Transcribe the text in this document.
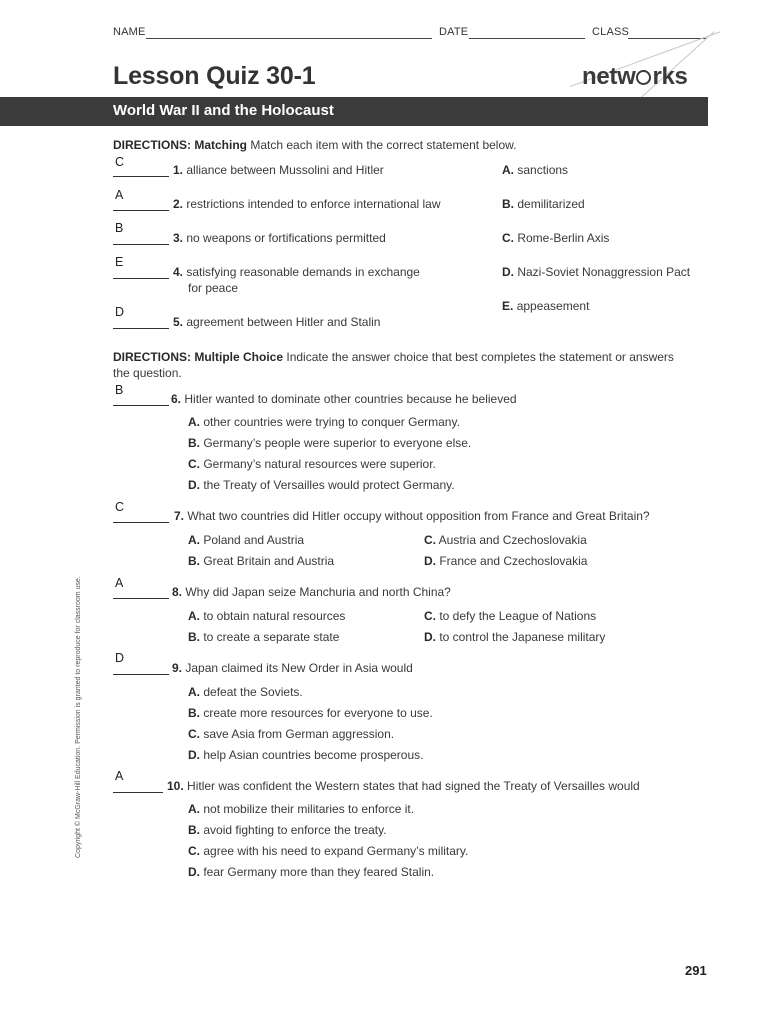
NAME	DATE	CLASS
Lesson Quiz 30-1	netw rks
World War II and the Holocaust
DIRECTIONS: Matching Match each item with the correct statement below.
C
1. alliance between Mussolini and Hitler
A
2. restrictions intended to enforce international law
B
3. no weapons or fortifications permitted
E
4. satisfying reasonable demands in exchange
for peace
D
5. agreement between Hitler and Stalin
A. sanctions
B. demilitarized
C. Rome-Berlin Axis
D. Nazi-Soviet Nonaggression Pact
E. appeasement
DIRECTIONS: Multiple Choice Indicate the answer choice that best completes the statement or answers
the question.
B
6. Hitler wanted to dominate other countries because he believed
A. other countries were trying to conquer Germany.
B. Germany’s people were superior to everyone else.
C. Germany’s natural resources were superior.
D. the Treaty of Versailles would protect Germany.
C
7. What two countries did Hitler occupy without opposition from France and Great Britain?
A. Poland and Austria	C. Austria and Czechoslovakia
B. Great Britain and Austria	D. France and Czechoslovakia
A
8. Why did Japan seize Manchuria and north China?
A. to obtain natural resources	C. to defy the League of Nations
B. to create a separate state	D. to control the Japanese military
D
9. Japan claimed its New Order in Asia would
A. defeat the Soviets.
B. create more resources for everyone to use.
C. save Asia from German aggression.
D. help Asian countries become prosperous.
A
10. Hitler was confident the Western states that had signed the Treaty of Versailles would
A. not mobilize their militaries to enforce it.
B. avoid fighting to enforce the treaty.
C. agree with his need to expand Germany’s military.
D. fear Germany more than they feared Stalin.
Copyright © McGraw-Hill Education. Permission is granted to reproduce for classroom use.
291
